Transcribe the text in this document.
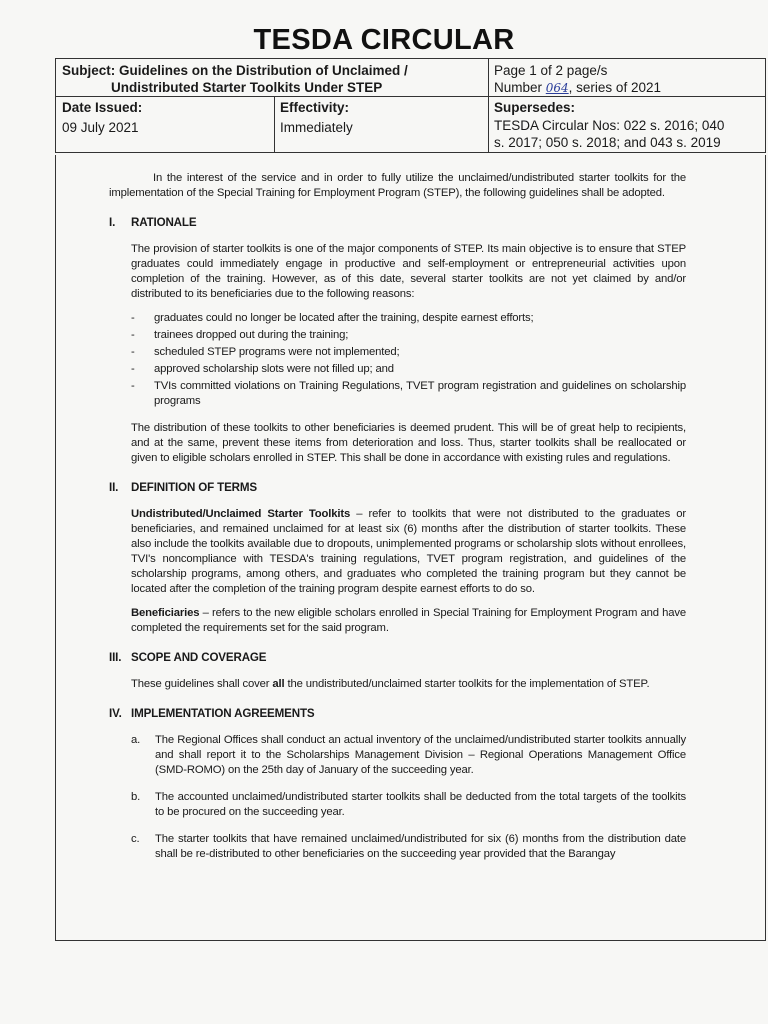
TESDA CIRCULAR
Subject: Guidelines on the Distribution of Unclaimed /
Undistributed Starter Toolkits Under STEP
Page 1 of 2 page/s
Number 064, series of 2021
Date Issued:
09 July 2021
Effectivity:
Immediately
Supersedes:
TESDA Circular Nos: 022 s. 2016; 040
s. 2017; 050 s. 2018; and 043 s. 2019

In the interest of the service and in order to fully utilize the unclaimed/undistributed starter toolkits for the implementation of the Special Training for Employment Program (STEP), the following guidelines shall be adopted.

I.	RATIONALE

The provision of starter toolkits is one of the major components of STEP. Its main objective is to ensure that STEP graduates could immediately engage in productive and self-employment or entrepreneurial activities upon completion of the training. However, as of this date, several starter toolkits are not yet claimed by and/or distributed to its beneficiaries due to the following reasons:

- graduates could no longer be located after the training, despite earnest efforts;
- trainees dropped out during the training;
- scheduled STEP programs were not implemented;
- approved scholarship slots were not filled up; and
- TVIs committed violations on Training Regulations, TVET program registration and guidelines on scholarship programs

The distribution of these toolkits to other beneficiaries is deemed prudent. This will be of great help to recipients, and at the same, prevent these items from deterioration and loss. Thus, starter toolkits shall be reallocated or given to eligible scholars enrolled in STEP. This shall be done in accordance with existing rules and regulations.

II.	DEFINITION OF TERMS

Undistributed/Unclaimed Starter Toolkits – refer to toolkits that were not distributed to the graduates or beneficiaries, and remained unclaimed for at least six (6) months after the distribution of starter toolkits. These also include the toolkits available due to dropouts, unimplemented programs or scholarship slots without enrollees, TVI's noncompliance with TESDA's training regulations, TVET program registration, and guidelines of the scholarship programs, among others, and graduates who completed the training program but they cannot be located after the completion of the training program despite earnest efforts to do so.

Beneficiaries – refers to the new eligible scholars enrolled in Special Training for Employment Program and have completed the requirements set for the said program.

III. SCOPE AND COVERAGE

These guidelines shall cover all the undistributed/unclaimed starter toolkits for the implementation of STEP.

IV. IMPLEMENTATION AGREEMENTS
a. The Regional Offices shall conduct an actual inventory of the unclaimed/undistributed starter toolkits annually and shall report it to the Scholarships Management Division – Regional Operations Management Office (SMD-ROMO) on the 25th day of January of the succeeding year.
b. The accounted unclaimed/undistributed starter toolkits shall be deducted from the total targets of the toolkits to be procured on the succeeding year.
c. The starter toolkits that have remained unclaimed/undistributed for six (6) months from the distribution date shall be re-distributed to other beneficiaries on the succeeding year provided that the Barangay
